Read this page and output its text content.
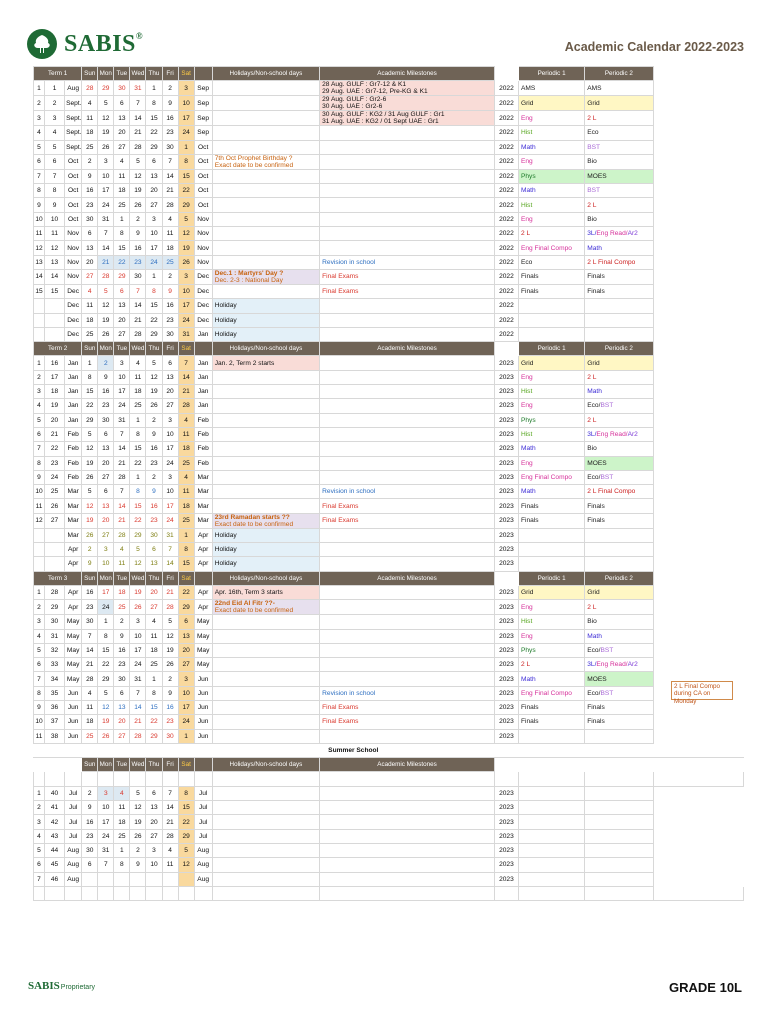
SABIS®
Academic Calendar 2022-2023
Term 1			Sun	Mon	Tue	Wed	Thu	Fri	Sat		Holidays/Non-school days	Academic Milestones		Periodic 1	Periodic 2	
1	1	Aug	28	29	30	31	1	2	3	Sep		28 Aug. GULF : Gr7-12 & K1
29 Aug. UAE : Gr7-12, Pre-KG & K1	2022	AMS	AMS	
2	2	Sept.	4	5	6	7	8	9	10	Sep		29 Aug. GULF : Gr2-6
30 Aug. UAE : Gr2-6	2022	Grid	Grid	
3	3	Sept.	11	12	13	14	15	16	17	Sep		30 Aug. GULF : KG2 / 31 Aug GULF : Gr1
31 Aug. UAE : KG2 / 01 Sept UAE : Gr1	2022	Eng	2 L	
4	4	Sept.	18	19	20	21	22	23	24	Sep			2022	Hist	Eco	
5	5	Sept.	25	26	27	28	29	30	1	Oct			2022	Math	BST	
6	6	Oct	2	3	4	5	6	7	8	Oct	7th Oct Prophet Birthday ?
Exact date to be confirmed		2022	Eng	Bio	
7	7	Oct	9	10	11	12	13	14	15	Oct			2022	Phys	MOES	
8	8	Oct	16	17	18	19	20	21	22	Oct			2022	Math	BST	
9	9	Oct	23	24	25	26	27	28	29	Oct			2022	Hist	2 L	
10	10	Oct	30	31	1	2	3	4	5	Nov			2022	Eng	Bio	
11	11	Nov	6	7	8	9	10	11	12	Nov			2022	2 L	3L/Eng Read/Ar2	
12	12	Nov	13	14	15	16	17	18	19	Nov			2022	Eng Final Compo	Math	
13	13	Nov	20	21	22	23	24	25	26	Nov		Revision in school	2022	Eco	2 L Final Compo	
14	14	Nov	27	28	29	30	1	2	3	Dec	Dec.1 : Martyrs' Day ?
Dec. 2-3 : National Day	Final Exams	2022	Finals	Finals	
15	15	Dec	4	5	6	7	8	9	10	Dec		Final Exams	2022	Finals	Finals	
		Dec	11	12	13	14	15	16	17	Dec	Holiday		2022			
		Dec	18	19	20	21	22	23	24	Dec	Holiday		2022			
		Dec	25	26	27	28	29	30	31	Jan	Holiday		2022			
Term 2			Sun	Mon	Tue	Wed	Thu	Fri	Sat		Holidays/Non-school days	Academic Milestones		Periodic 1	Periodic 2	
1	16	Jan	1	2	3	4	5	6	7	Jan	Jan. 2, Term 2 starts		2023	Grid	Grid	
2	17	Jan	8	9	10	11	12	13	14	Jan			2023	Eng	2 L	
3	18	Jan	15	16	17	18	19	20	21	Jan			2023	Hist	Math	
4	19	Jan	22	23	24	25	26	27	28	Jan			2023	Eng	Eco/BST	
5	20	Jan	29	30	31	1	2	3	4	Feb			2023	Phys	2 L	
6	21	Feb	5	6	7	8	9	10	11	Feb			2023	Hist	3L/Eng Read/Ar2	
7	22	Feb	12	13	14	15	16	17	18	Feb			2023	Math	Bio	
8	23	Feb	19	20	21	22	23	24	25	Feb			2023	Eng	MOES	
9	24	Feb	26	27	28	1	2	3	4	Mar			2023	Eng Final Compo	Eco/BST	
10	25	Mar	5	6	7	8	9	10	11	Mar		Revision in school	2023	Math	2 L Final Compo	
11	26	Mar	12	13	14	15	16	17	18	Mar		Final Exams	2023	Finals	Finals	
12	27	Mar	19	20	21	22	23	24	25	Mar	23rd Ramadan starts ??
Exact date to be confirmed	Final Exams	2023	Finals	Finals	
		Mar	26	27	28	29	30	31	1	Apr	Holiday		2023			
		Apr	2	3	4	5	6	7	8	Apr	Holiday		2023			
		Apr	9	10	11	12	13	14	15	Apr	Holiday		2023			
Term 3			Sun	Mon	Tue	Wed	Thu	Fri	Sat		Holidays/Non-school days	Academic Milestones		Periodic 1	Periodic 2	
1	28	Apr	16	17	18	19	20	21	22	Apr	Apr. 16th, Term 3 starts		2023	Grid	Grid	
2	29	Apr	23	24	25	26	27	28	29	Apr	22nd Eid Al Fitr ??-
Exact date to be confirmed		2023	Eng	2 L	
3	30	May	30	1	2	3	4	5	6	May			2023	Hist	Bio	
4	31	May	7	8	9	10	11	12	13	May			2023	Eng	Math	
5	32	May	14	15	16	17	18	19	20	May			2023	Phys	Eco/BST	
6	33	May	21	22	23	24	25	26	27	May			2023	2 L	3L/Eng Read/Ar2	
7	34	May	28	29	30	31	1	2	3	Jun			2023	Math	MOES	
8	35	Jun	4	5	6	7	8	9	10	Jun		Revision in school	2023	Eng Final Compo	Eco/BST	
9	36	Jun	11	12	13	14	15	16	17	Jun		Final Exams	2023	Finals	Finals	
10	37	Jun	18	19	20	21	22	23	24	Jun		Final Exams	2023	Finals	Finals	
11	38	Jun	25	26	27	28	29	30	1	Jun			2023			
											Summer School					
			Sun	Mon	Tue	Wed	Thu	Fri	Sat		Holidays/Non-school days	Academic Milestones				

1	40	Jul	2	3	4	5	6	7	8	Jul			2023			
2	41	Jul	9	10	11	12	13	14	15	Jul			2023			
3	42	Jul	16	17	18	19	20	21	22	Jul			2023			
4	43	Jul	23	24	25	26	27	28	29	Jul			2023			
5	44	Aug	30	31	1	2	3	4	5	Aug			2023			
6	45	Aug	6	7	8	9	10	11	12	Aug			2023			
7	46	Aug								Aug			2023			

2 L Final Compo during CA on Monday
SABIS Proprietary	GRADE 10L
